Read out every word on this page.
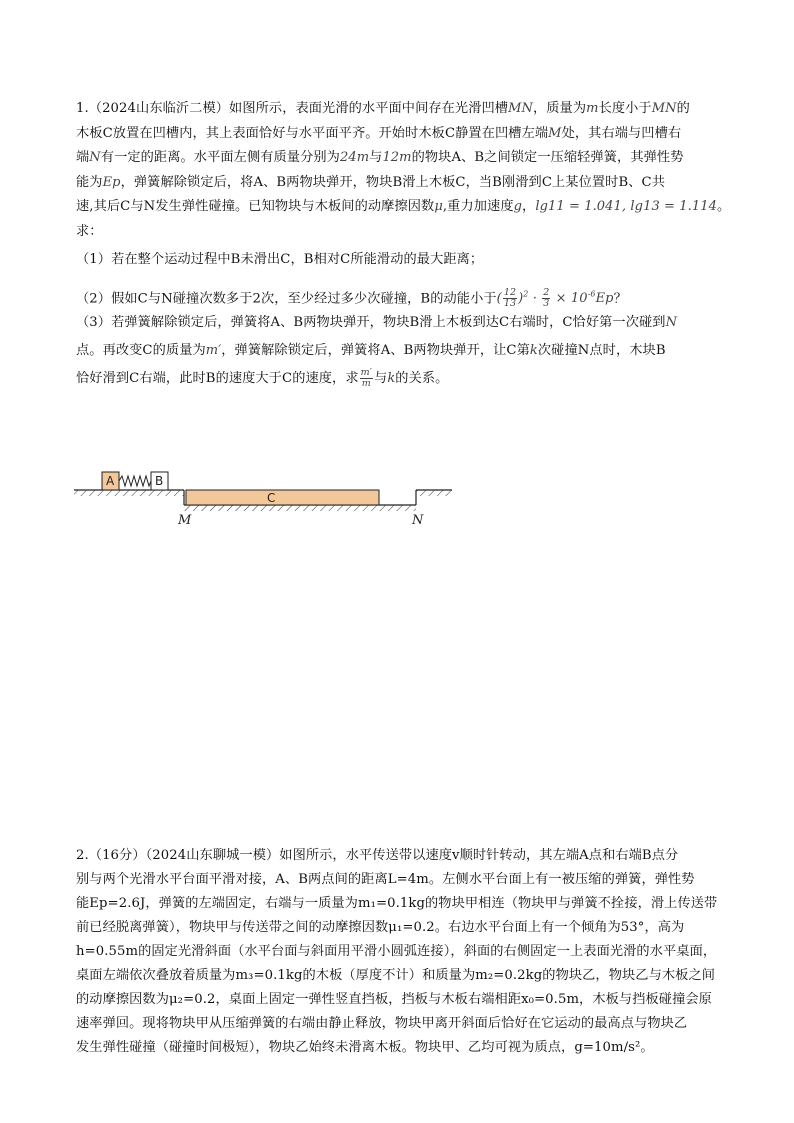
1.（2024山东临沂二模）如图所示，表面光滑的水平面中间存在光滑凹槽MN，质量为m长度小于MN的
木板C放置在凹槽内，其上表面恰好与水平面平齐。开始时木板C静置在凹槽左端M处，其右端与凹槽右
端N有一定的距离。水平面左侧有质量分别为24m与12m的物块A、B之间锁定一压缩轻弹簧，其弹性势
能为Ep，弹簧解除锁定后，将A、B两物块弹开，物块B滑上木板C，当B刚滑到C上某位置时B、C共
速,其后C与N发生弹性碰撞。已知物块与木板间的动摩擦因数μ,重力加速度g，lg11 = 1.041, lg13 = 1.114。
求：
（1）若在整个运动过程中B未滑出C，B相对C所能滑动的最大距离；
（2）假如C与N碰撞次数多于2次，至少经过多少次碰撞，B的动能小于( $\frac{12}{13} )^2 \cdot \frac{2}{3} \times 10^{-6}Ep$？
（3）若弹簧解除锁定后，弹簧将A、B两物块弹开，物块B滑上木板到达C右端时，C恰好第一次碰到N
点。再改变C的质量为m′，弹簧解除锁定后，弹簧将A、B两物块弹开，让C第k次碰撞N点时，木块B
恰好滑到C右端，此时B的速度大于C的速度，求 $\frac{m'}{m}$ 与k的关系。
A	B
C
M	N
2.（16分）（2024山东聊城一模）如图所示，水平传送带以速度v顺时针转动，其左端A点和右端B点分
别与两个光滑水平台面平滑对接，A、B两点间的距离L=4m。左侧水平台面上有一被压缩的弹簧，弹性势
能Ep=2.6J，弹簧的左端固定，右端与一质量为m₁=0.1kg的物块甲相连（物块甲与弹簧不拴接，滑上传送带
前已经脱离弹簧），物块甲与传送带之间的动摩擦因数μ₁=0.2。右边水平台面上有一个倾角为53°，高为
h=0.55m的固定光滑斜面（水平台面与斜面用平滑小圆弧连接），斜面的右侧固定一上表面光滑的水平桌面，
桌面左端依次叠放着质量为m₃=0.1kg的木板（厚度不计）和质量为m₂=0.2kg的物块乙，物块乙与木板之间
的动摩擦因数为μ₂=0.2，桌面上固定一弹性竖直挡板，挡板与木板右端相距x₀=0.5m，木板与挡板碰撞会原
速率弹回。现将物块甲从压缩弹簧的右端由静止释放，物块甲离开斜面后恰好在它运动的最高点与物块乙
发生弹性碰撞（碰撞时间极短），物块乙始终未滑离木板。物块甲、乙均可视为质点，g=10m/s²。
